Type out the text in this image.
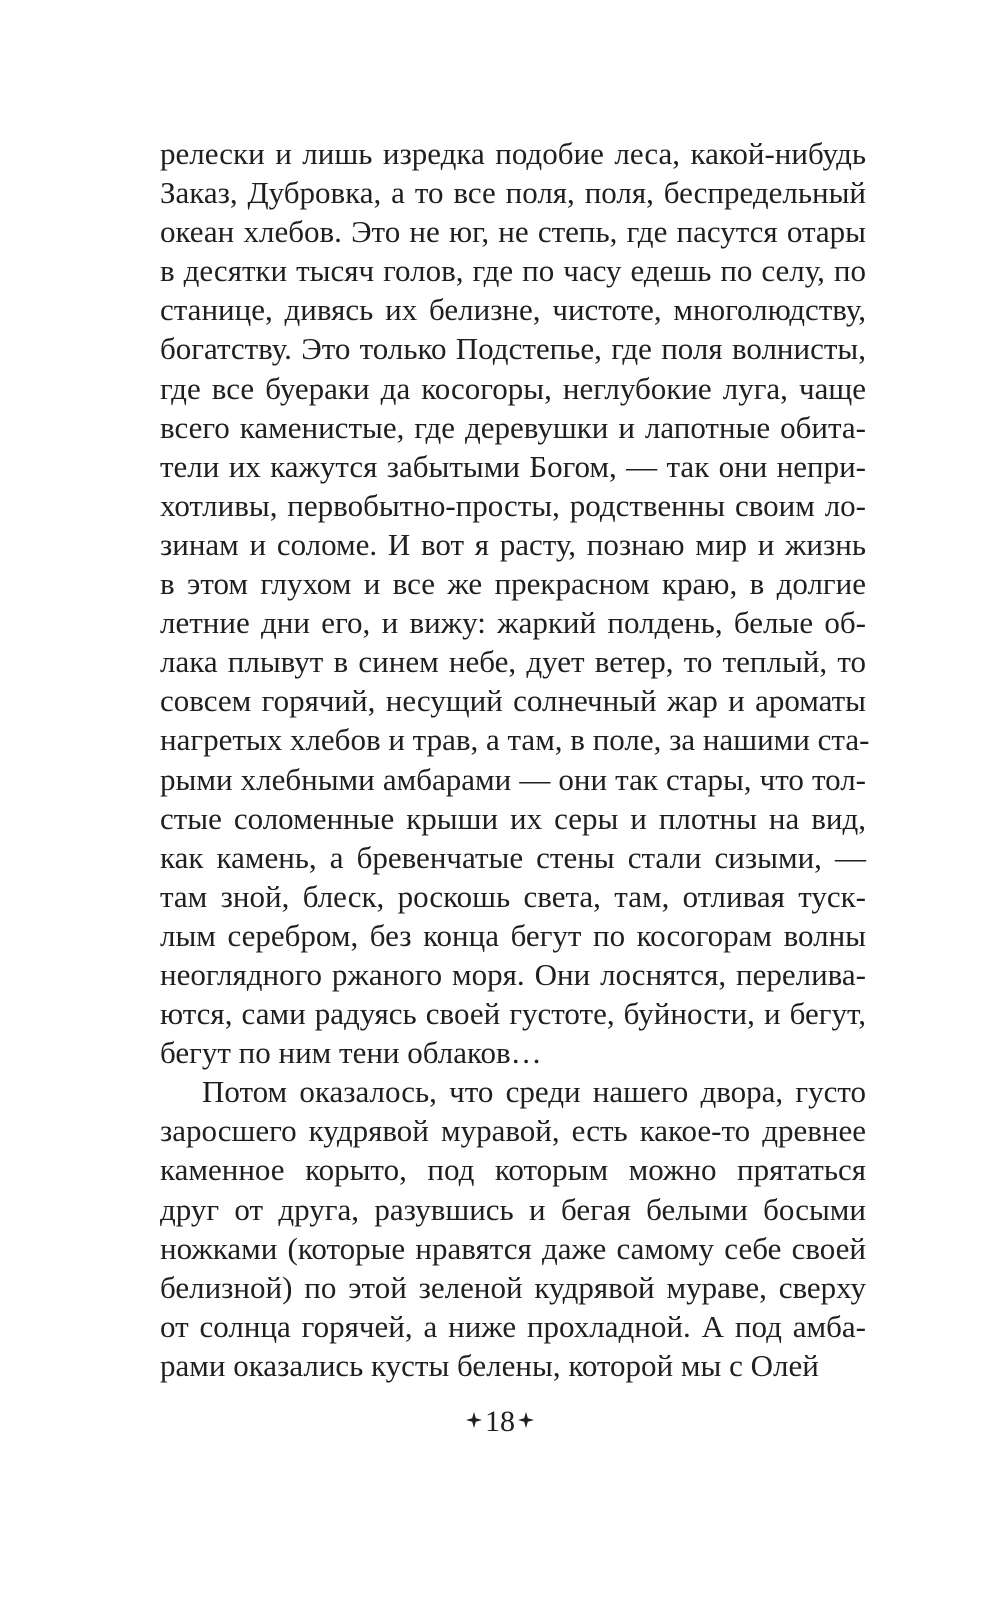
релески и лишь изредка подобие леса, какой-нибудь
Заказ, Дубровка, а то все поля, поля, беспредельный
океан хлебов. Это не юг, не степь, где пасутся отары
в десятки тысяч голов, где по часу едешь по селу, по
станице, дивясь их белизне, чистоте, многолюдству,
богатству. Это только Подстепье, где поля волнисты,
где все буераки да косогоры, неглубокие луга, чаще
всего каменистые, где деревушки и лапотные обита-
тели их кажутся забытыми Богом, — так они непри-
хотливы, первобытно-просты, родственны своим ло-
зинам и соломе. И вот я расту, познаю мир и жизнь
в этом глухом и все же прекрасном краю, в долгие
летние дни его, и вижу: жаркий полдень, белые об-
лака плывут в синем небе, дует ветер, то теплый, то
совсем горячий, несущий солнечный жар и ароматы
нагретых хлебов и трав, а там, в поле, за нашими ста-
рыми хлебными амбарами — они так стары, что тол-
стые соломенные крыши их серы и плотны на вид,
как камень, а бревенчатые стены стали сизыми, —
там зной, блеск, роскошь света, там, отливая туск-
лым серебром, без конца бегут по косогорам волны
неоглядного ржаного моря. Они лоснятся, перелива-
ются, сами радуясь своей густоте, буйности, и бегут,
бегут по ним тени облаков…
Потом оказалось, что среди нашего двора, густо
заросшего кудрявой муравой, есть какое-то древнее
каменное корыто, под которым можно прятаться
друг от друга, разувшись и бегая белыми босыми
ножками (которые нравятся даже самому себе своей
белизной) по этой зеленой кудрявой мураве, сверху
от солнца горячей, а ниже прохладной. А под амба-
рами оказались кусты белены, которой мы с Олей
18
